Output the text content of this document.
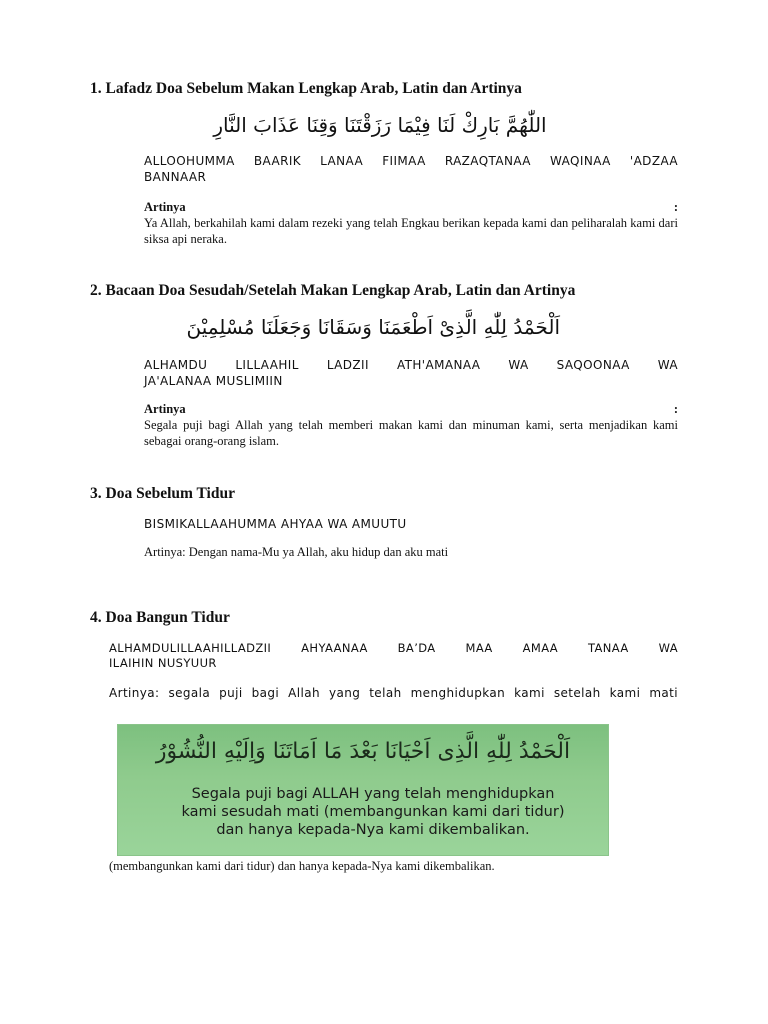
1. Lafadz Doa Sebelum Makan Lengkap Arab, Latin dan Artinya
اللّٰهُمَّ بَارِكْ لَنَا فِيْمَا رَزَقْتَنَا وَقِنَا عَذَابَ النَّارِ
ALLOOHUMMA BAARIK LANAA FIIMAA RAZAQTANAA WAQINAA 'ADZAA
BANNAAR
Artinya	:
Ya Allah, berkahilah kami dalam rezeki yang telah Engkau berikan kepada kami dan peliharalah kami dari siksa api neraka.
2. Bacaan Doa Sesudah/Setelah Makan Lengkap Arab, Latin dan Artinya
اَلْحَمْدُ لِلّٰهِ الَّذِىْ اَطْعَمَنَا وَسَقَانَا وَجَعَلَنَا مُسْلِمِيْنَ
ALHAMDU LILLAAHIL LADZII ATH'AMANAA WA SAQOONAA WA
JA'ALANAA MUSLIMIIN
Artinya	:
Segala puji bagi Allah yang telah memberi makan kami dan minuman kami, serta menjadikan kami sebagai orang-orang islam.
3. Doa Sebelum Tidur
BISMIKALLAAHUMMA AHYAA WA AMUUTU
Artinya: Dengan nama-Mu ya Allah, aku hidup dan aku mati
4. Doa Bangun Tidur
ALHAMDULILLAAHILLADZII AHYAANAA BA’DA MAA AMAA TANAA WA
ILAIHIN NUSYUUR
Artinya: segala puji bagi Allah yang telah menghidupkan kami setelah kami mati
اَلْحَمْدُ لِلّٰهِ الَّذِى اَحْيَانَا بَعْدَ مَا اَمَاتَنَا وَاِلَيْهِ النُّشُوْرُ
Segala puji bagi ALLAH yang telah menghidupkan
kami sesudah mati (membangunkan kami dari tidur)
dan hanya kepada-Nya kami dikembalikan.
(membangunkan kami dari tidur) dan hanya kepada-Nya kami dikembalikan.
